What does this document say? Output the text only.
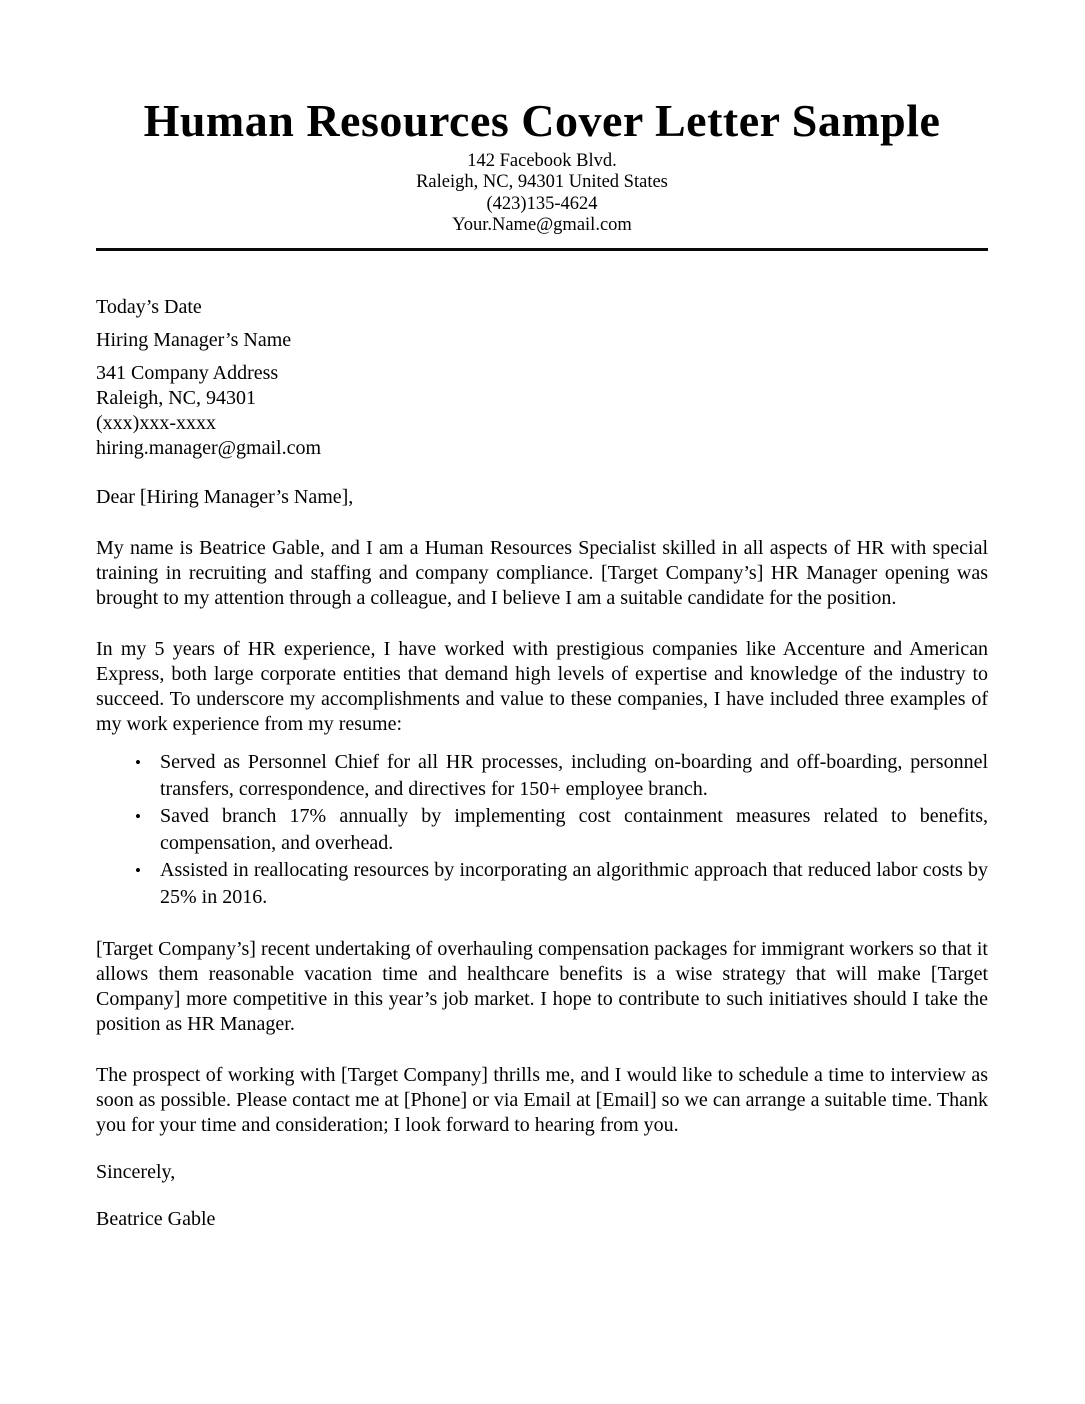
Human Resources Cover Letter Sample
142 Facebook Blvd.
Raleigh, NC, 94301 United States
(423)135-4624
Your.Name@gmail.com

Today’s Date

Hiring Manager’s Name

341 Company Address
Raleigh, NC, 94301
(xxx)xxx-xxxx
hiring.manager@gmail.com

Dear [Hiring Manager’s Name],

My name is Beatrice Gable, and I am a Human Resources Specialist skilled in all aspects of HR with special training in recruiting and staffing and company compliance. [Target Company’s] HR Manager opening was brought to my attention through a colleague, and I believe I am a suitable candidate for the position.

In my 5 years of HR experience, I have worked with prestigious companies like Accenture and American Express, both large corporate entities that demand high levels of expertise and knowledge of the industry to succeed. To underscore my accomplishments and value to these companies, I have included three examples of my work experience from my resume:

• Served as Personnel Chief for all HR processes, including on-boarding and off-boarding, personnel transfers, correspondence, and directives for 150+ employee branch.
• Saved branch 17% annually by implementing cost containment measures related to benefits, compensation, and overhead.
• Assisted in reallocating resources by incorporating an algorithmic approach that reduced labor costs by 25% in 2016.

[Target Company’s] recent undertaking of overhauling compensation packages for immigrant workers so that it allows them reasonable vacation time and healthcare benefits is a wise strategy that will make [Target Company] more competitive in this year’s job market. I hope to contribute to such initiatives should I take the position as HR Manager.

The prospect of working with [Target Company] thrills me, and I would like to schedule a time to interview as soon as possible. Please contact me at [Phone] or via Email at [Email] so we can arrange a suitable time. Thank you for your time and consideration; I look forward to hearing from you.

Sincerely,

Beatrice Gable
